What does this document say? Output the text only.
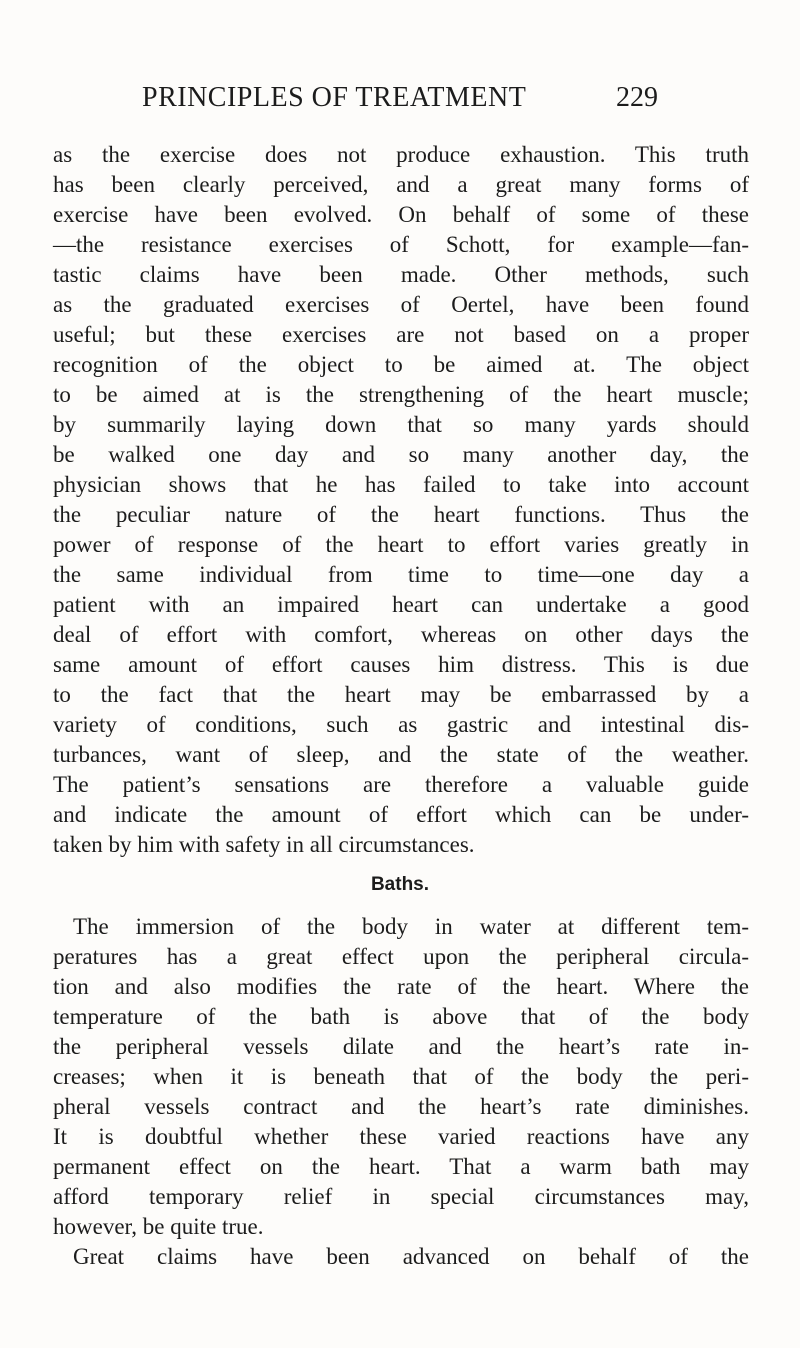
PRINCIPLES OF TREATMENT	229
as the exercise does not produce exhaustion. This truth
has been clearly perceived, and a great many forms of
exercise have been evolved. On behalf of some of these
—the resistance exercises of Schott, for example—fan-
tastic claims have been made. Other methods, such
as the graduated exercises of Oertel, have been found
useful; but these exercises are not based on a proper
recognition of the object to be aimed at. The object
to be aimed at is the strengthening of the heart muscle;
by summarily laying down that so many yards should
be walked one day and so many another day, the
physician shows that he has failed to take into account
the peculiar nature of the heart functions. Thus the
power of response of the heart to effort varies greatly in
the same individual from time to time—one day a
patient with an impaired heart can undertake a good
deal of effort with comfort, whereas on other days the
same amount of effort causes him distress. This is due
to the fact that the heart may be embarrassed by a
variety of conditions, such as gastric and intestinal dis-
turbances, want of sleep, and the state of the weather.
The patient’s sensations are therefore a valuable guide
and indicate the amount of effort which can be under-
taken by him with safety in all circumstances.
Baths.
The immersion of the body in water at different tem-
peratures has a great effect upon the peripheral circula-
tion and also modifies the rate of the heart. Where the
temperature of the bath is above that of the body
the peripheral vessels dilate and the heart’s rate in-
creases; when it is beneath that of the body the peri-
pheral vessels contract and the heart’s rate diminishes.
It is doubtful whether these varied reactions have any
permanent effect on the heart. That a warm bath may
afford temporary relief in special circumstances may,
however, be quite true.
Great claims have been advanced on behalf of the
